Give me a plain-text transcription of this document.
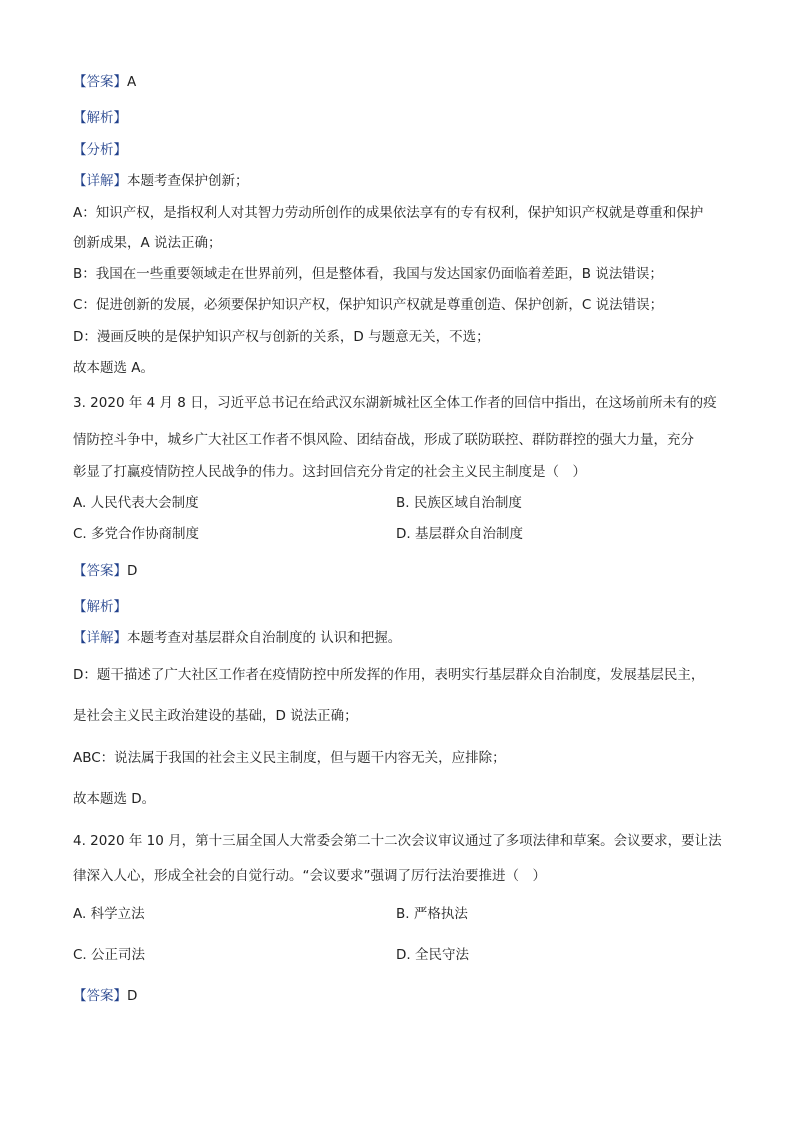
【答案】A
【解析】
【分析】
【详解】本题考查保护创新；
A：知识产权，是指权利人对其智力劳动所创作的成果依法享有的专有权利，保护知识产权就是尊重和保护
创新成果，A 说法正确；
B：我国在一些重要领域走在世界前列，但是整体看，我国与发达国家仍面临着差距，B 说法错误；
C：促进创新的发展，必须要保护知识产权，保护知识产权就是尊重创造、保护创新，C 说法错误；
D：漫画反映的是保护知识产权与创新的关系，D 与题意无关，不选；
故本题选 A。
3. 2020 年 4 月 8 日，习近平总书记在给武汉东湖新城社区全体工作者的回信中指出，在这场前所未有的疫
情防控斗争中，城乡广大社区工作者不惧风险、团结奋战，形成了联防联控、群防群控的强大力量，充分
彰显了打赢疫情防控人民战争的伟力。这封回信充分肯定的社会主义民主制度是（　）
A. 人民代表大会制度	B. 民族区域自治制度
C. 多党合作协商制度	D. 基层群众自治制度
【答案】D
【解析】
【详解】本题考查对基层群众自治制度的 认识和把握。
D：题干描述了广大社区工作者在疫情防控中所发挥的作用，表明实行基层群众自治制度，发展基层民主，
是社会主义民主政治建设的基础，D 说法正确；
ABC：说法属于我国的社会主义民主制度，但与题干内容无关，应排除；
故本题选 D。
4. 2020 年 10 月，第十三届全国人大常委会第二十二次会议审议通过了多项法律和草案。会议要求，要让法
律深入人心，形成全社会的自觉行动。“会议要求”强调了厉行法治要推进（　）
A. 科学立法	B. 严格执法
C. 公正司法	D. 全民守法
【答案】D
